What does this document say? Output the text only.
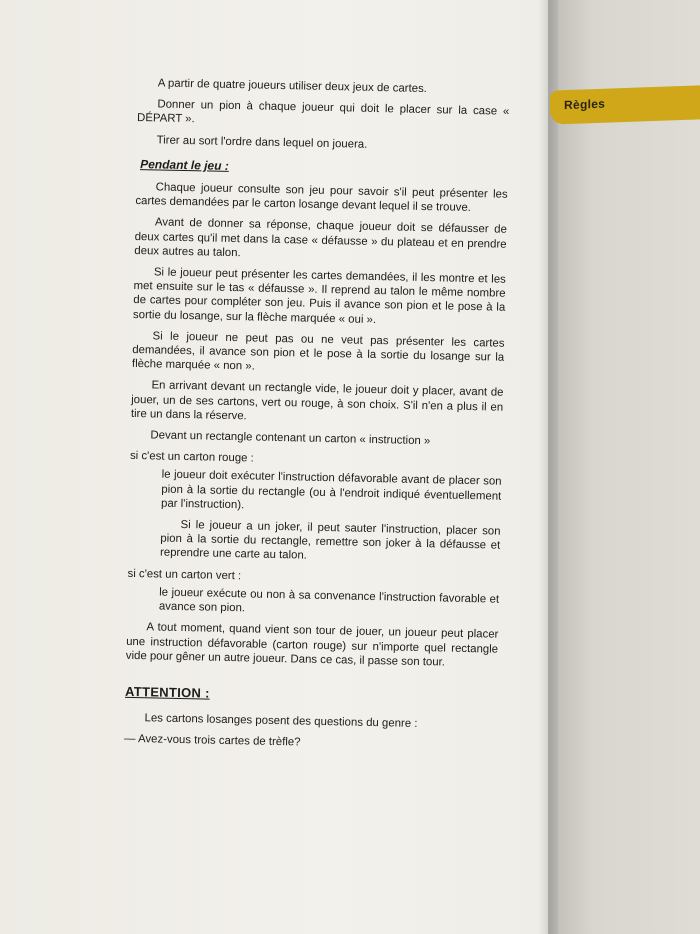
Règles

A partir de quatre joueurs utiliser deux jeux de cartes.

Donner un pion à chaque joueur qui doit le placer sur la case « DÉPART ».

Tirer au sort l'ordre dans lequel on jouera.

Pendant le jeu :

Chaque joueur consulte son jeu pour savoir s'il peut présenter les cartes demandées par le carton losange devant lequel il se trouve.

Avant de donner sa réponse, chaque joueur doit se défausser de deux cartes qu'il met dans la case « défausse » du plateau et en prendre deux autres au talon.

Si le joueur peut présenter les cartes demandées, il les montre et les met ensuite sur le tas « défausse ». Il reprend au talon le même nombre de cartes pour compléter son jeu. Puis il avance son pion et le pose à la sortie du losange, sur la flèche marquée « oui ».

Si le joueur ne peut pas ou ne veut pas présenter les cartes demandées, il avance son pion et le pose à la sortie du losange sur la flèche marquée « non ».

En arrivant devant un rectangle vide, le joueur doit y placer, avant de jouer, un de ses cartons, vert ou rouge, à son choix. S'il n'en a plus il en tire un dans la réserve.

Devant un rectangle contenant un carton « instruction »

si c'est un carton rouge :

le joueur doit exécuter l'instruction défavorable avant de placer son pion à la sortie du rectangle (ou à l'endroit indiqué éventuellement par l'instruction).

Si le joueur a un joker, il peut sauter l'instruction, placer son pion à la sortie du rectangle, remettre son joker à la défausse et reprendre une carte au talon.

si c'est un carton vert :

le joueur exécute ou non à sa convenance l'instruction favorable et avance son pion.

A tout moment, quand vient son tour de jouer, un joueur peut placer une instruction défavorable (carton rouge) sur n'importe quel rectangle vide pour gêner un autre joueur. Dans ce cas, il passe son tour.

ATTENTION :

Les cartons losanges posent des questions du genre :

— Avez-vous trois cartes de trèfle?
